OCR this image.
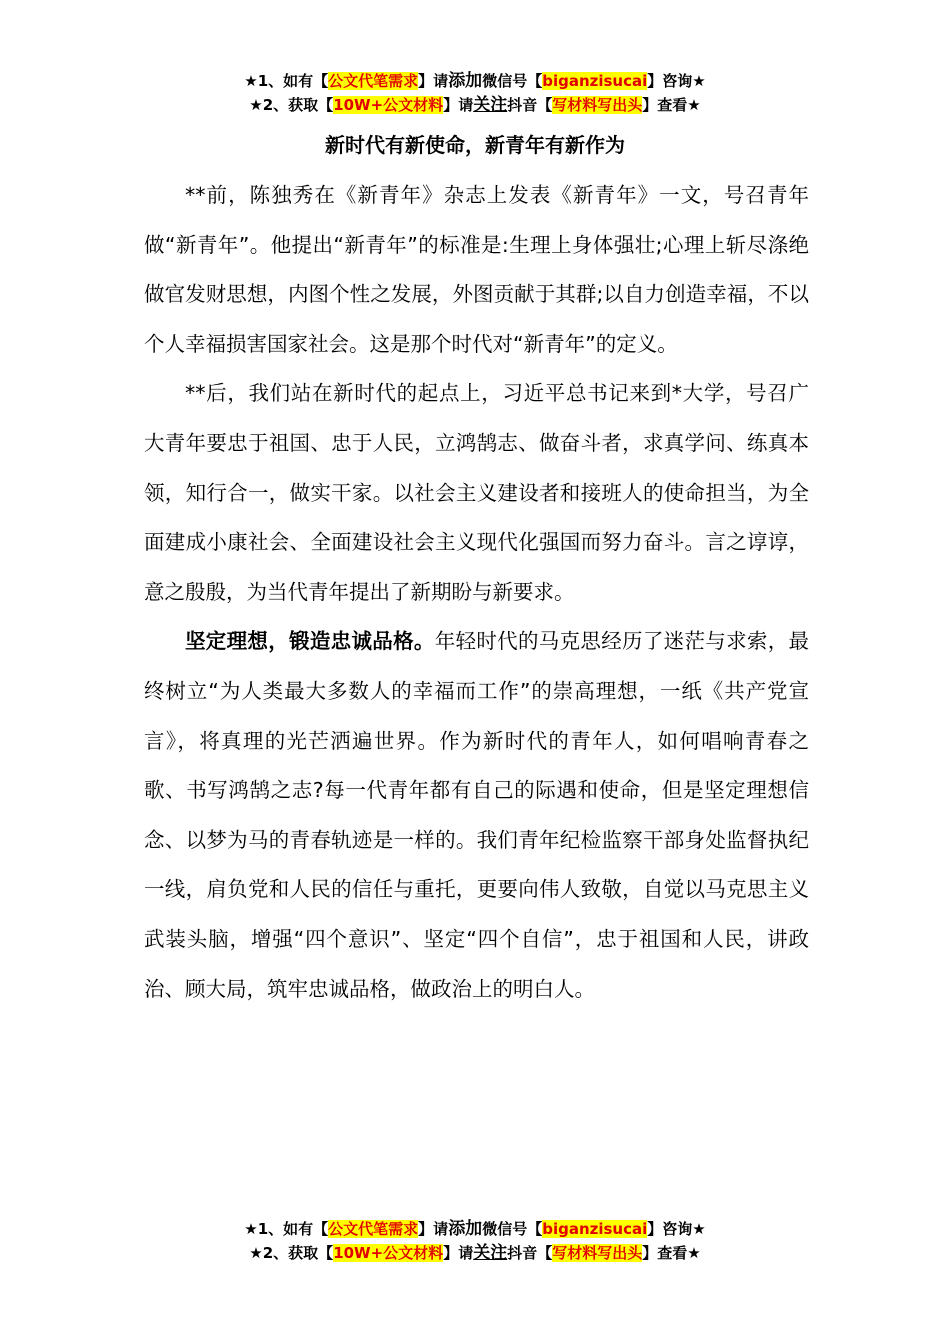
★1、如有【公文代笔需求】请添加微信号【biganzisucai】咨询★
★2、获取【10W+公文材料】请关注抖音【写材料写出头】查看★
新时代有新使命，新青年有新作为

**前，陈独秀在《新青年》杂志上发表《新青年》一文，号召青年做“新青年”。他提出“新青年”的标准是:生理上身体强壮;心理上斩尽涤绝做官发财思想，内图个性之发展，外图贡献于其群;以自力创造幸福，不以个人幸福损害国家社会。这是那个时代对“新青年”的定义。

**后，我们站在新时代的起点上，习近平总书记来到*大学，号召广大青年要忠于祖国、忠于人民，立鸿鹄志、做奋斗者，求真学问、练真本领，知行合一，做实干家。以社会主义建设者和接班人的使命担当，为全面建成小康社会、全面建设社会主义现代化强国而努力奋斗。言之谆谆，意之殷殷，为当代青年提出了新期盼与新要求。

坚定理想，锻造忠诚品格。年轻时代的马克思经历了迷茫与求索，最终树立“为人类最大多数人的幸福而工作”的崇高理想，一纸《共产党宣言》，将真理的光芒洒遍世界。作为新时代的青年人，如何唱响青春之歌、书写鸿鹄之志?每一代青年都有自己的际遇和使命，但是坚定理想信念、以梦为马的青春轨迹是一样的。我们青年纪检监察干部身处监督执纪一线，肩负党和人民的信任与重托，更要向伟人致敬，自觉以马克思主义武装头脑，增强“四个意识”、坚定“四个自信”，忠于祖国和人民，讲政治、顾大局，筑牢忠诚品格，做政治上的明白人。

★1、如有【公文代笔需求】请添加微信号【biganzisucai】咨询★
★2、获取【10W+公文材料】请关注抖音【写材料写出头】查看★
